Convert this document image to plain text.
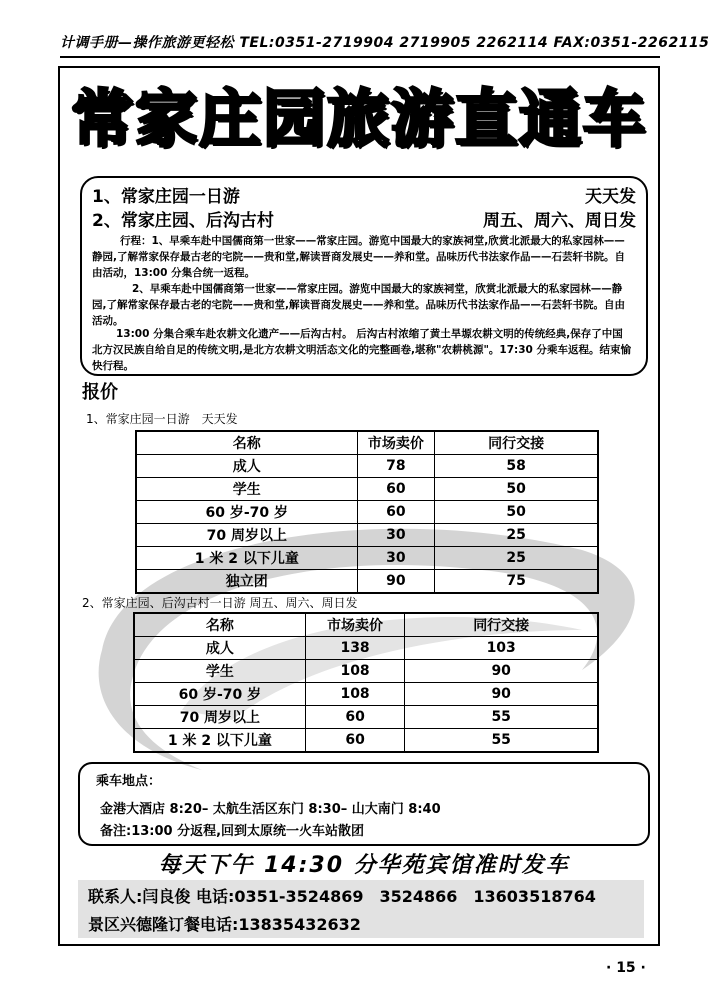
计调手册—操作旅游更轻松 TEL:0351-2719904 2719905 2262114 FAX:0351-2262115
常家庄园旅游直通车
1、常家庄园一日游	天天发
2、常家庄园、后沟古村	周五、周六、周日发
行程：1、早乘车赴中国儒商第一世家——常家庄园。游览中国最大的家族祠堂,欣赏北派最大的私家园林——静园,了解常家保存最古老的宅院——贵和堂,解读晋商发展史——养和堂。品味历代书法家作品——石芸轩书院。自由活动，13:00 分集合统一返程。
2、早乘车赴中国儒商第一世家——常家庄园。游览中国最大的家族祠堂，欣赏北派最大的私家园林——静园,了解常家保存最古老的宅院——贵和堂,解读晋商发展史——养和堂。品味历代书法家作品——石芸轩书院。自由活动。
13:00 分集合乘车赴农耕文化遗产——后沟古村。 后沟古村浓缩了黄土旱塬农耕文明的传统经典,保存了中国北方汉民族自给自足的传统文明,是北方农耕文明活态文化的完整画卷,堪称"农耕桃源"。17:30 分乘车返程。结束愉快行程。
报价
1、常家庄园一日游　天天发
名称	市场卖价	同行交接
成人	78	58
学生	60	50
60 岁-70 岁	60	50
70 周岁以上	30	25
1 米 2 以下儿童	30	25
独立团	90	75
2、常家庄园、后沟古村一日游 周五、周六、周日发
名称	市场卖价	同行交接
成人	138	103
学生	108	90
60 岁-70 岁	108	90
70 周岁以上	60	55
1 米 2 以下儿童	60	55
乘车地点：
金港大酒店 8:20– 太航生活区东门 8:30– 山大南门 8:40
备注:13:00 分返程,回到太原统一火车站散团
每天下午 14:30 分华苑宾馆准时发车
联系人:闫良俊 电话:0351-3524869　3524866　13603518764
景区兴德隆订餐电话:13835432632
· 15 ·
